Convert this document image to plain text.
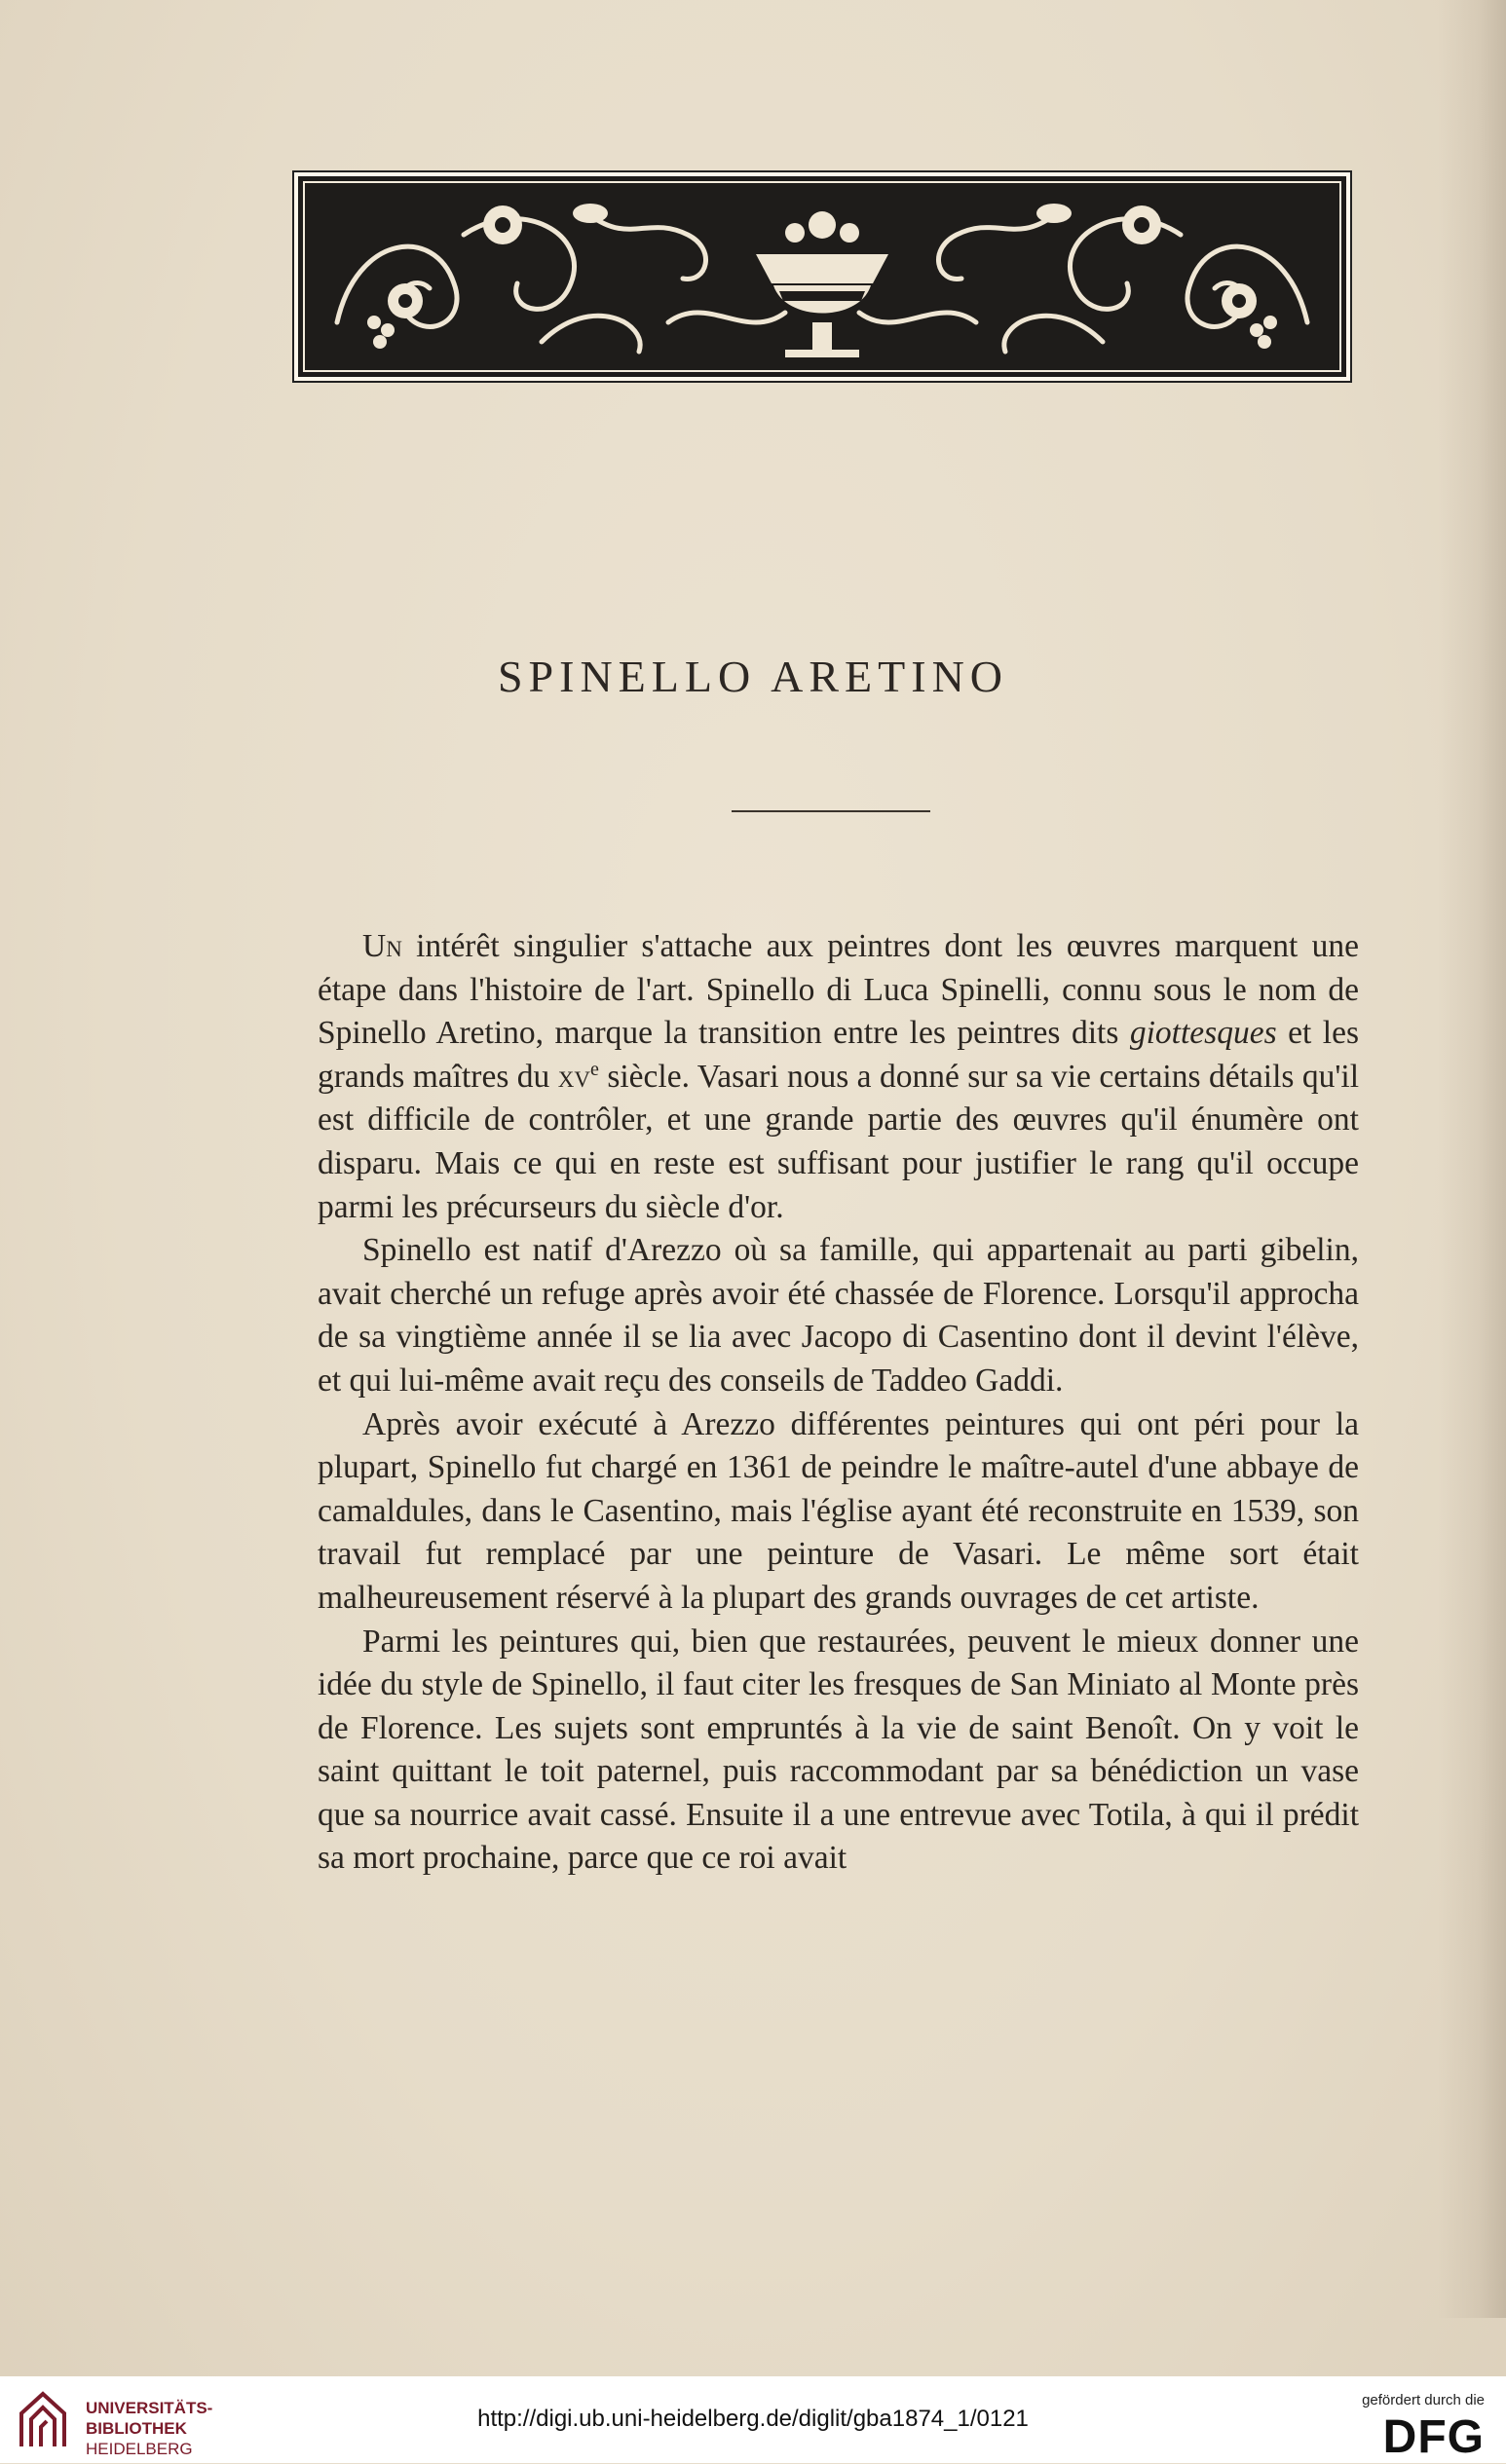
SPINELLO ARETINO

Un intérêt singulier s'attache aux peintres dont les œuvres marquent une étape dans l'histoire de l'art. Spinello di Luca Spinelli, connu sous le nom de Spinello Aretino, marque la transition entre les peintres dits giottesques et les grands maîtres du $xv^e$ siècle. Vasari nous a donné sur sa vie certains détails qu'il est difficile de contrôler, et une grande partie des œuvres qu'il énumère ont disparu. Mais ce qui en reste est suffisant pour justifier le rang qu'il occupe parmi les précurseurs du siècle d'or.

Spinello est natif d'Arezzo où sa famille, qui appartenait au parti gibelin, avait cherché un refuge après avoir été chassée de Florence. Lorsqu'il approcha de sa vingtième année il se lia avec Jacopo di Casentino dont il devint l'élève, et qui lui-même avait reçu des conseils de Taddeo Gaddi.

Après avoir exécuté à Arezzo différentes peintures qui ont péri pour la plupart, Spinello fut chargé en 1361 de peindre le maître-autel d'une abbaye de camaldules, dans le Casentino, mais l'église ayant été reconstruite en 1539, son travail fut remplacé par une peinture de Vasari. Le même sort était malheureusement réservé à la plupart des grands ouvrages de cet artiste.

Parmi les peintures qui, bien que restaurées, peuvent le mieux donner une idée du style de Spinello, il faut citer les fresques de San Miniato al Monte près de Florence. Les sujets sont empruntés à la vie de saint Benoît. On y voit le saint quittant le toit paternel, puis raccommodant par sa bénédiction un vase que sa nourrice avait cassé. Ensuite il a une entrevue avec Totila, à qui il prédit sa mort prochaine, parce que ce roi avait

UNIVERSITÄTS-
BIBLIOTHEK
HEIDELBERG
http://digi.ub.uni-heidelberg.de/diglit/gba1874_1/0121
gefördert durch die
DFG
